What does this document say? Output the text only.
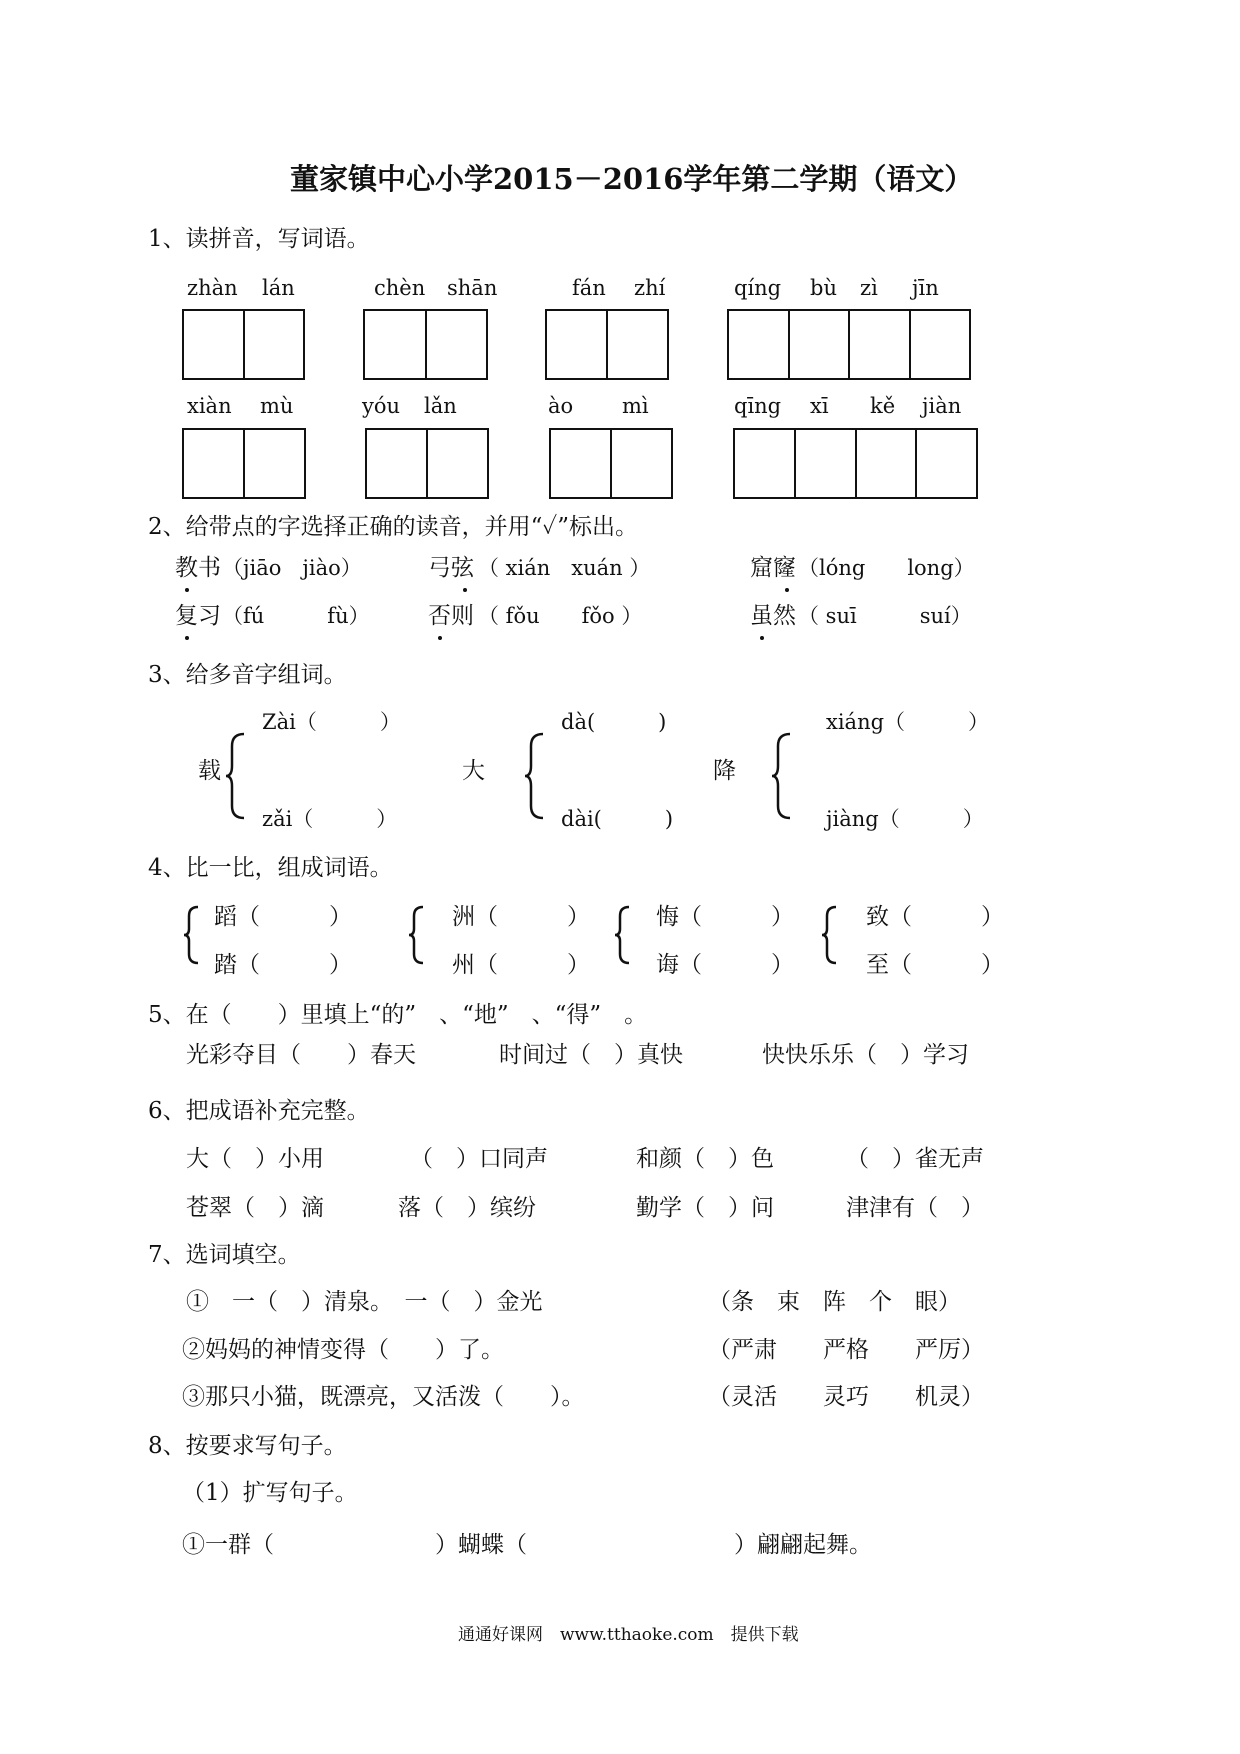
董家镇中心小学2015－2016学年第二学期（语文）
1、读拼音，写词语。
zhàn lán	chèn shān	fán zhí	qíng bù zì jīn
xiàn mù	yóu lǎn	ào mì	qīng xī kě jiàn
2、给带点的字选择正确的读音，并用“✓”标出。
教书 （jiāo　jiào）	弓弦 （ xián　xuán ）	窟窿 （lóng　　long）
复习 （fú　　　fù）	否则 （ fǒu　　fǒo ）	虽然 （ suī　　　suí）
3、给多音字组词。
Zài（　　　）
载
zǎi（　　　）
dà(　　　)
大
dài(　　　)
xiáng（　　　）
降
jiàng（　　　）
4、比一比，组成词语。
蹈（　　　）
踏（　　　）
洲（　　　）
州（　　　）
悔（　　　）
诲（　　　）
致（　　　）
至（　　　）
5、在（　　）里填上“的”　、“地”　、“得”　。
光彩夺目（　　）春天	时间过（　）真快	快快乐乐（　）学习
6、把成语补充完整。
大（　）小用	（　）口同声	和颜（　）色	（　）雀无声
苍翠（　）滴	落（　）缤纷	勤学（　）问	津津有（　）
7、选词填空。
①　一（　）清泉。　一（　）金光	（条　束　阵　个　眼）
②妈妈的神情变得（　　）了。	（严肃　　严格　　严厉）
③那只小猫，既漂亮，又活泼（　　）。	（灵活　　灵巧　　机灵）
8、按要求写句子。
（1）扩写句子。
①一群（　　　　　　　）蝴蝶（　　　　　　　　　）翩翩起舞。
通通好课网　www.tthaoke.com　提供下载
